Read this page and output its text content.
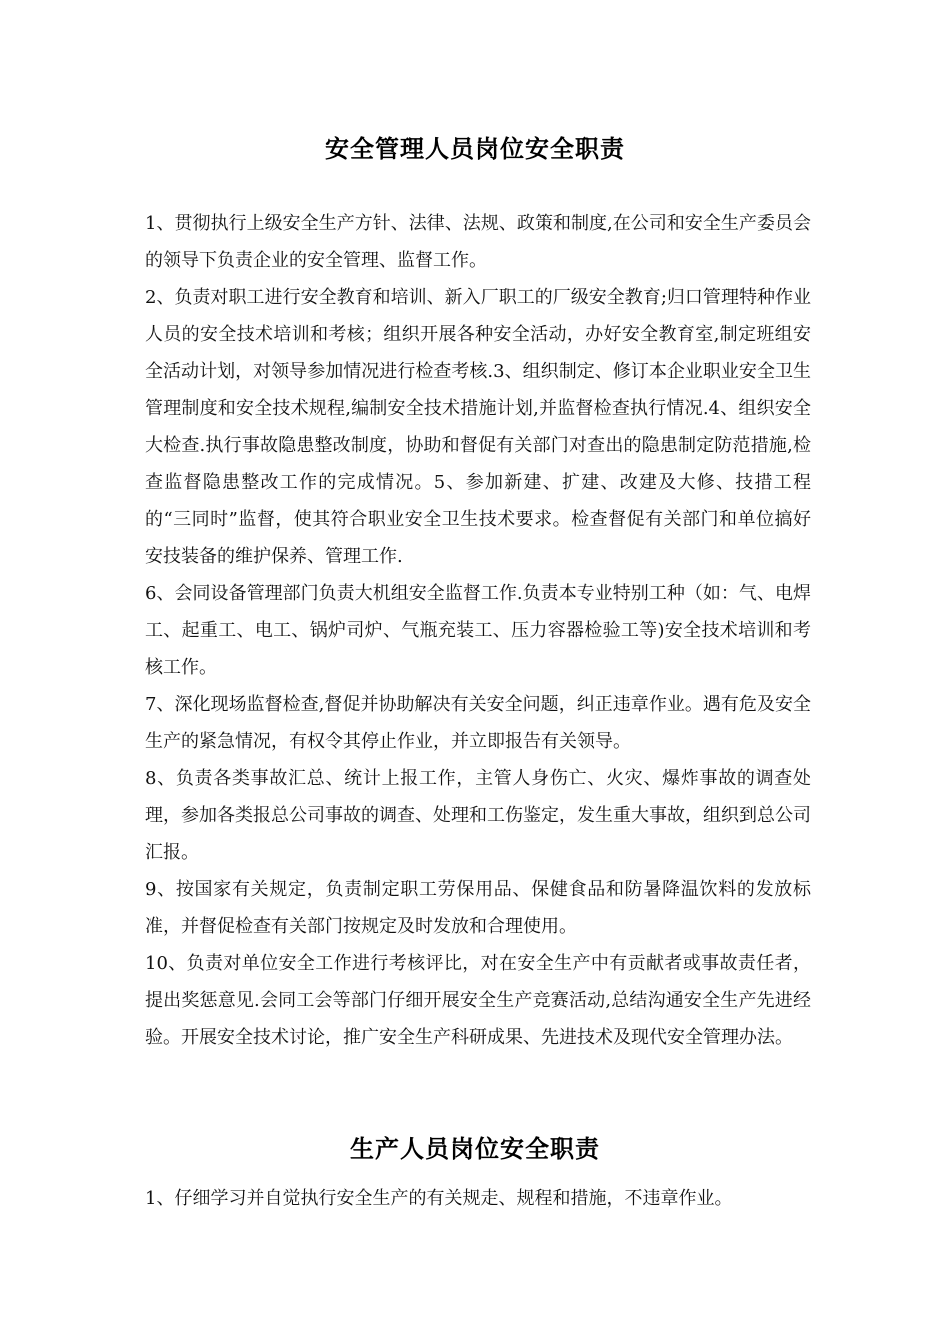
安全管理人员岗位安全职责

1、贯彻执行上级安全生产方针、法律、法规、政策和制度,在公司和安全生产委员会的领导下负责企业的安全管理、监督工作。

2、负责对职工进行安全教育和培训、新入厂职工的厂级安全教育;归口管理特种作业人员的安全技术培训和考核；组织开展各种安全活动，办好安全教育室,制定班组安全活动计划，对领导参加情况进行检查考核.3、组织制定、修订本企业职业安全卫生管理制度和安全技术规程,编制安全技术措施计划,并监督检查执行情况.4、组织安全大检查.执行事故隐患整改制度，协助和督促有关部门对查出的隐患制定防范措施,检查监督隐患整改工作的完成情况。5、参加新建、扩建、改建及大修、技措工程的“三同时”监督，使其符合职业安全卫生技术要求。检查督促有关部门和单位搞好安技装备的维护保养、管理工作.

6、会同设备管理部门负责大机组安全监督工作.负责本专业特别工种（如：气、电焊工、起重工、电工、锅炉司炉、气瓶充装工、压力容器检验工等)安全技术培训和考核工作。

7、深化现场监督检查,督促并协助解决有关安全问题，纠正违章作业。遇有危及安全生产的紧急情况，有权令其停止作业，并立即报告有关领导。

8、负责各类事故汇总、统计上报工作，主管人身伤亡、火灾、爆炸事故的调查处理，参加各类报总公司事故的调查、处理和工伤鉴定，发生重大事故，组织到总公司汇报。

9、按国家有关规定，负责制定职工劳保用品、保健食品和防暑降温饮料的发放标准，并督促检查有关部门按规定及时发放和合理使用。

10、负责对单位安全工作进行考核评比，对在安全生产中有贡献者或事故责任者，提出奖惩意见.会同工会等部门仔细开展安全生产竞赛活动,总结沟通安全生产先进经验。开展安全技术讨论，推广安全生产科研成果、先进技术及现代安全管理办法。

生产人员岗位安全职责

1、仔细学习并自觉执行安全生产的有关规走、规程和措施，不违章作业。
